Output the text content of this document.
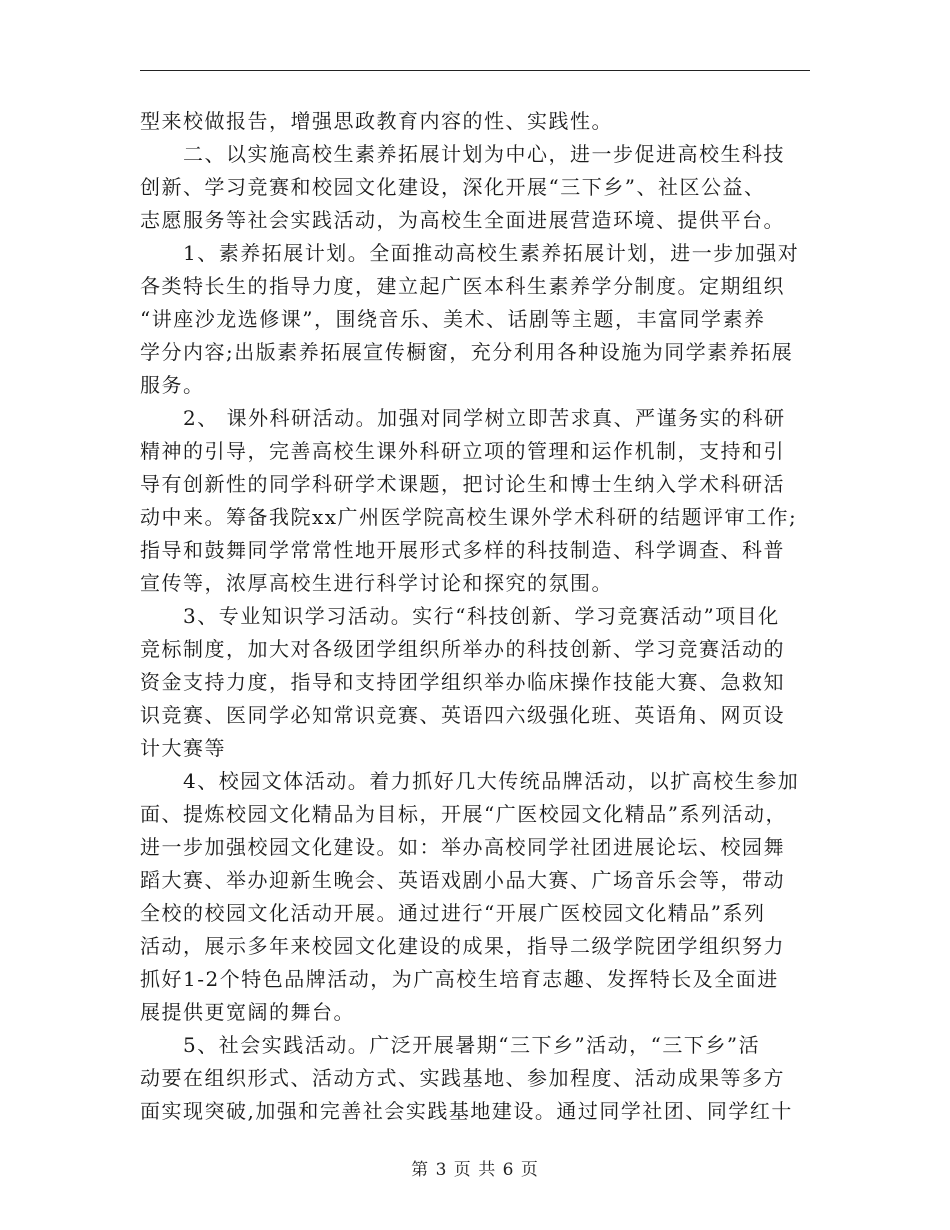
型来校做报告，增强思政教育内容的性、实践性。
　　二、以实施高校生素养拓展计划为中心，进一步促进高校生科技
创新、学习竞赛和校园文化建设，深化开展“三下乡”、社区公益、
志愿服务等社会实践活动，为高校生全面进展营造环境、提供平台。
　　1、素养拓展计划。全面推动高校生素养拓展计划，进一步加强对
各类特长生的指导力度，建立起广医本科生素养学分制度。定期组织
“讲座沙龙选修课”，围绕音乐、美术、话剧等主题，丰富同学素养
学分内容;出版素养拓展宣传橱窗，充分利用各种设施为同学素养拓展
服务。
　　2、 课外科研活动。加强对同学树立即苦求真、严谨务实的科研
精神的引导，完善高校生课外科研立项的管理和运作机制，支持和引
导有创新性的同学科研学术课题，把讨论生和博士生纳入学术科研活
动中来。筹备我院xx广州医学院高校生课外学术科研的结题评审工作;
指导和鼓舞同学常常性地开展形式多样的科技制造、科学调查、科普
宣传等，浓厚高校生进行科学讨论和探究的氛围。
　　3、专业知识学习活动。实行“科技创新、学习竞赛活动”项目化
竞标制度，加大对各级团学组织所举办的科技创新、学习竞赛活动的
资金支持力度，指导和支持团学组织举办临床操作技能大赛、急救知
识竞赛、医同学必知常识竞赛、英语四六级强化班、英语角、网页设
计大赛等
　　4、校园文体活动。着力抓好几大传统品牌活动，以扩高校生参加
面、提炼校园文化精品为目标，开展“广医校园文化精品”系列活动，
进一步加强校园文化建设。如：举办高校同学社团进展论坛、校园舞
蹈大赛、举办迎新生晚会、英语戏剧小品大赛、广场音乐会等，带动
全校的校园文化活动开展。通过进行“开展广医校园文化精品”系列
活动，展示多年来校园文化建设的成果，指导二级学院团学组织努力
抓好1-2个特色品牌活动，为广高校生培育志趣、发挥特长及全面进
展提供更宽阔的舞台。
　　5、社会实践活动。广泛开展暑期“三下乡”活动，“三下乡”活
动要在组织形式、活动方式、实践基地、参加程度、活动成果等多方
面实现突破,加强和完善社会实践基地建设。通过同学社团、同学红十
第 3 页 共 6 页
